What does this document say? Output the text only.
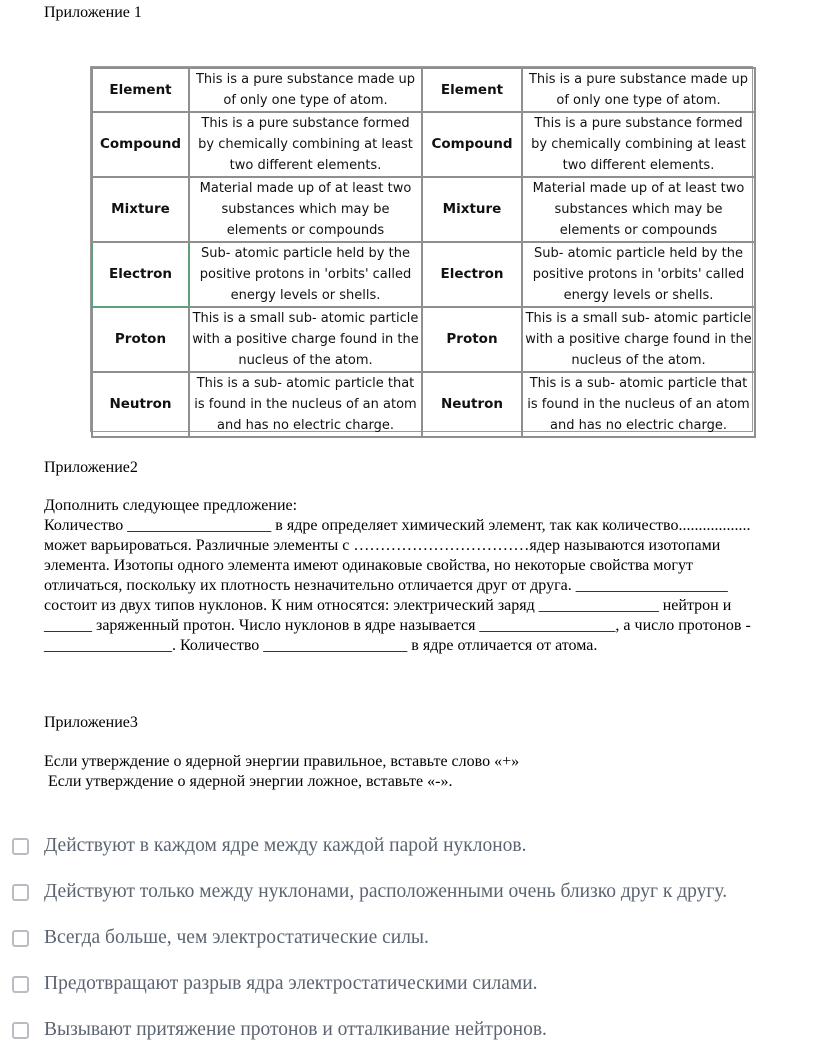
Приложение 1
Element	This is a pure substance made up of only one type of atom.	Element	This is a pure substance made up of only one type of atom.
Compound	This is a pure substance formed by chemically combining at least two different elements.	Compound	This is a pure substance formed by chemically combining at least two different elements.
Mixture	Material made up of at least two substances which may be elements or compounds	Mixture	Material made up of at least two substances which may be elements or compounds
Electron	Sub- atomic particle held by the positive protons in 'orbits' called energy levels or shells.	Electron	Sub- atomic particle held by the positive protons in 'orbits' called energy levels or shells.
Proton	This is a small sub- atomic particle with a positive charge found in the nucleus of the atom.	Proton	This is a small sub- atomic particle with a positive charge found in the nucleus of the atom.
Neutron	This is a sub- atomic particle that is found in the nucleus of an atom and has no electric charge.	Neutron	This is a sub- atomic particle that is found in the nucleus of an atom and has no electric charge.
Приложение2

Дополнить следующее предложение:

Количество __________________ в ядре определяет химический элемент, так как количество.................. может варьироваться. Различные элементы с ……………………………ядер называются изотопами элемента. Изотопы одного элемента имеют одинаковые свойства, но некоторые свойства могут отличаться, поскольку их плотность незначительно отличается друг от друга. ___________________ состоит из двух типов нуклонов. К ним относятся: электрический заряд _______________ нейтрон и ______ заряженный протон. Число нуклонов в ядре называется _________________, а число протонов - ________________. Количество __________________ в ядре отличается от атома.

Приложение3

Если утверждение о ядерной энергии правильное, вставьте слово «+»

Если утверждение о ядерной энергии ложное, вставьте «-».

Действуют в каждом ядре между каждой парой нуклонов.
Действуют только между нуклонами, расположенными очень близко друг к другу.
Всегда больше, чем электростатические силы.
Предотвращают разрыв ядра электростатическими силами.
Вызывают притяжение протонов и отталкивание нейтронов.
